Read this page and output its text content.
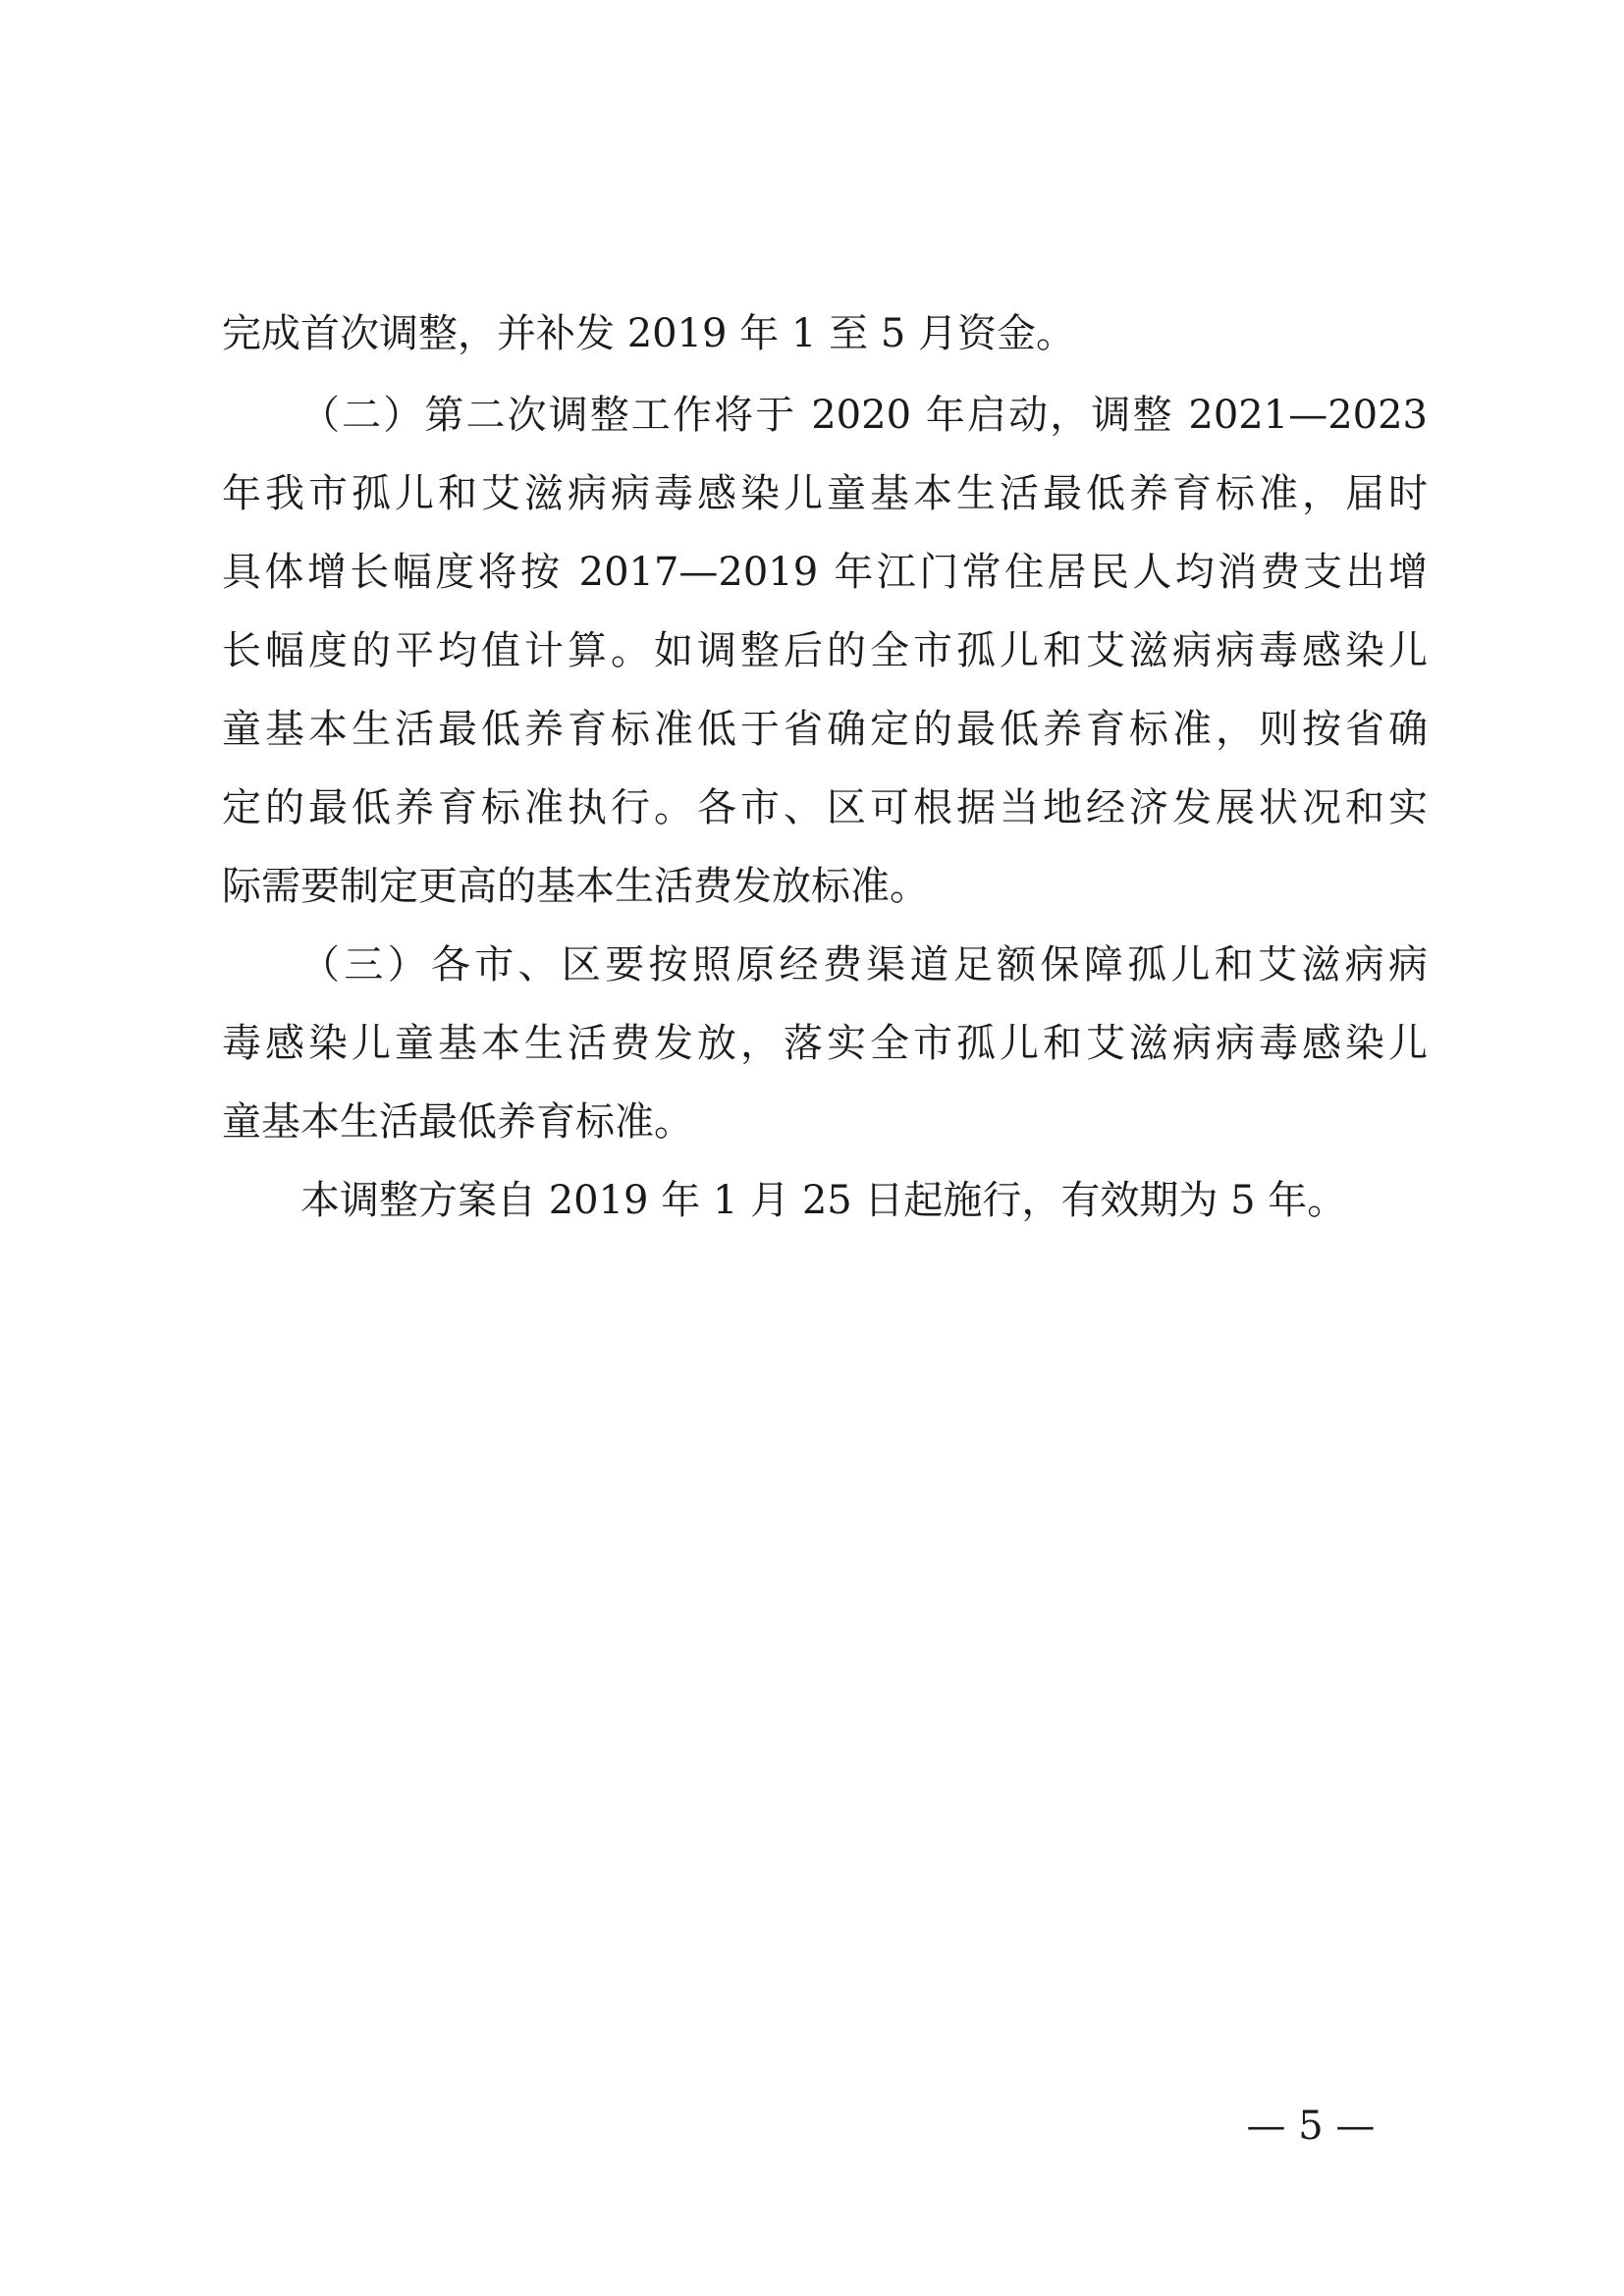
完成首次调整，并补发 2019 年 1 至 5 月资金。
（二）第二次调整工作将于 2020 年启动，调整 2021—2023
年我市孤儿和艾滋病病毒感染儿童基本生活最低养育标准，届时
具体增长幅度将按 2017—2019 年江门常住居民人均消费支出增
长幅度的平均值计算。如调整后的全市孤儿和艾滋病病毒感染儿
童基本生活最低养育标准低于省确定的最低养育标准，则按省确
定的最低养育标准执行。各市、区可根据当地经济发展状况和实
际需要制定更高的基本生活费发放标准。
（三）各市、区要按照原经费渠道足额保障孤儿和艾滋病病
毒感染儿童基本生活费发放，落实全市孤儿和艾滋病病毒感染儿
童基本生活最低养育标准。
本调整方案自 2019 年 1 月 25 日起施行，有效期为 5 年。
— 5 —
